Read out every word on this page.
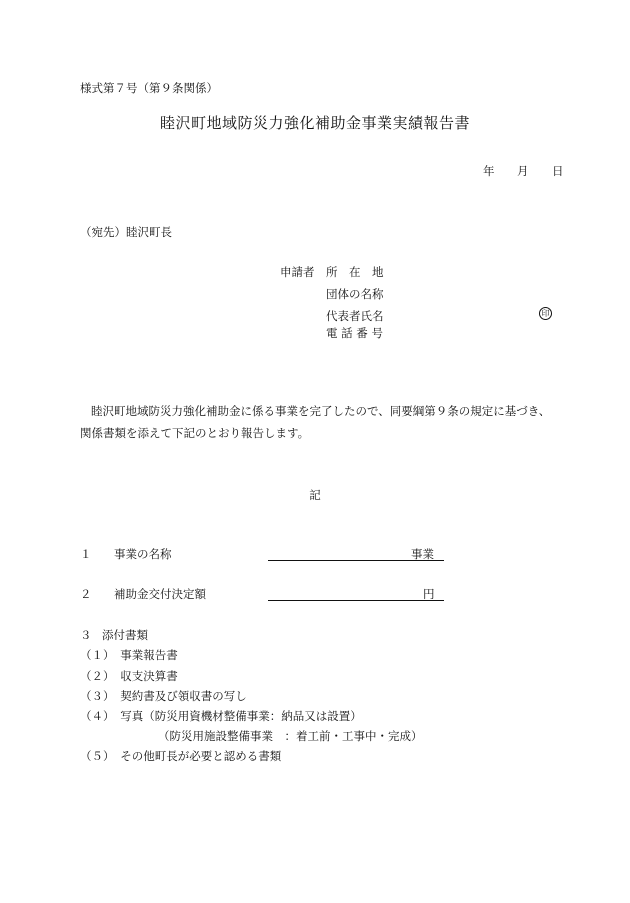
様式第７号（第９条関係）
睦沢町地域防災力強化補助金事業実績報告書
年 月 日
（宛先）睦沢町長
申請者 所　在　地
団体の名称
代表者氏名	印
電 話 番 号
睦沢町地域防災力強化補助金に係る事業を完了したので、同要綱第９条の規定に基づき、
関係書類を添えて下記のとおり報告します。
記
１ 事業の名称	事業
２ 補助金交付決定額	円
３ 添付書類
（１）　事業報告書
（２）　収支決算書
（３）　契約書及び領収書の写し
（４）　写真（防災用資機材整備事業：納品又は設置）
（防災用施設整備事業　：着工前・工事中・完成）
（５）　その他町長が必要と認める書類
